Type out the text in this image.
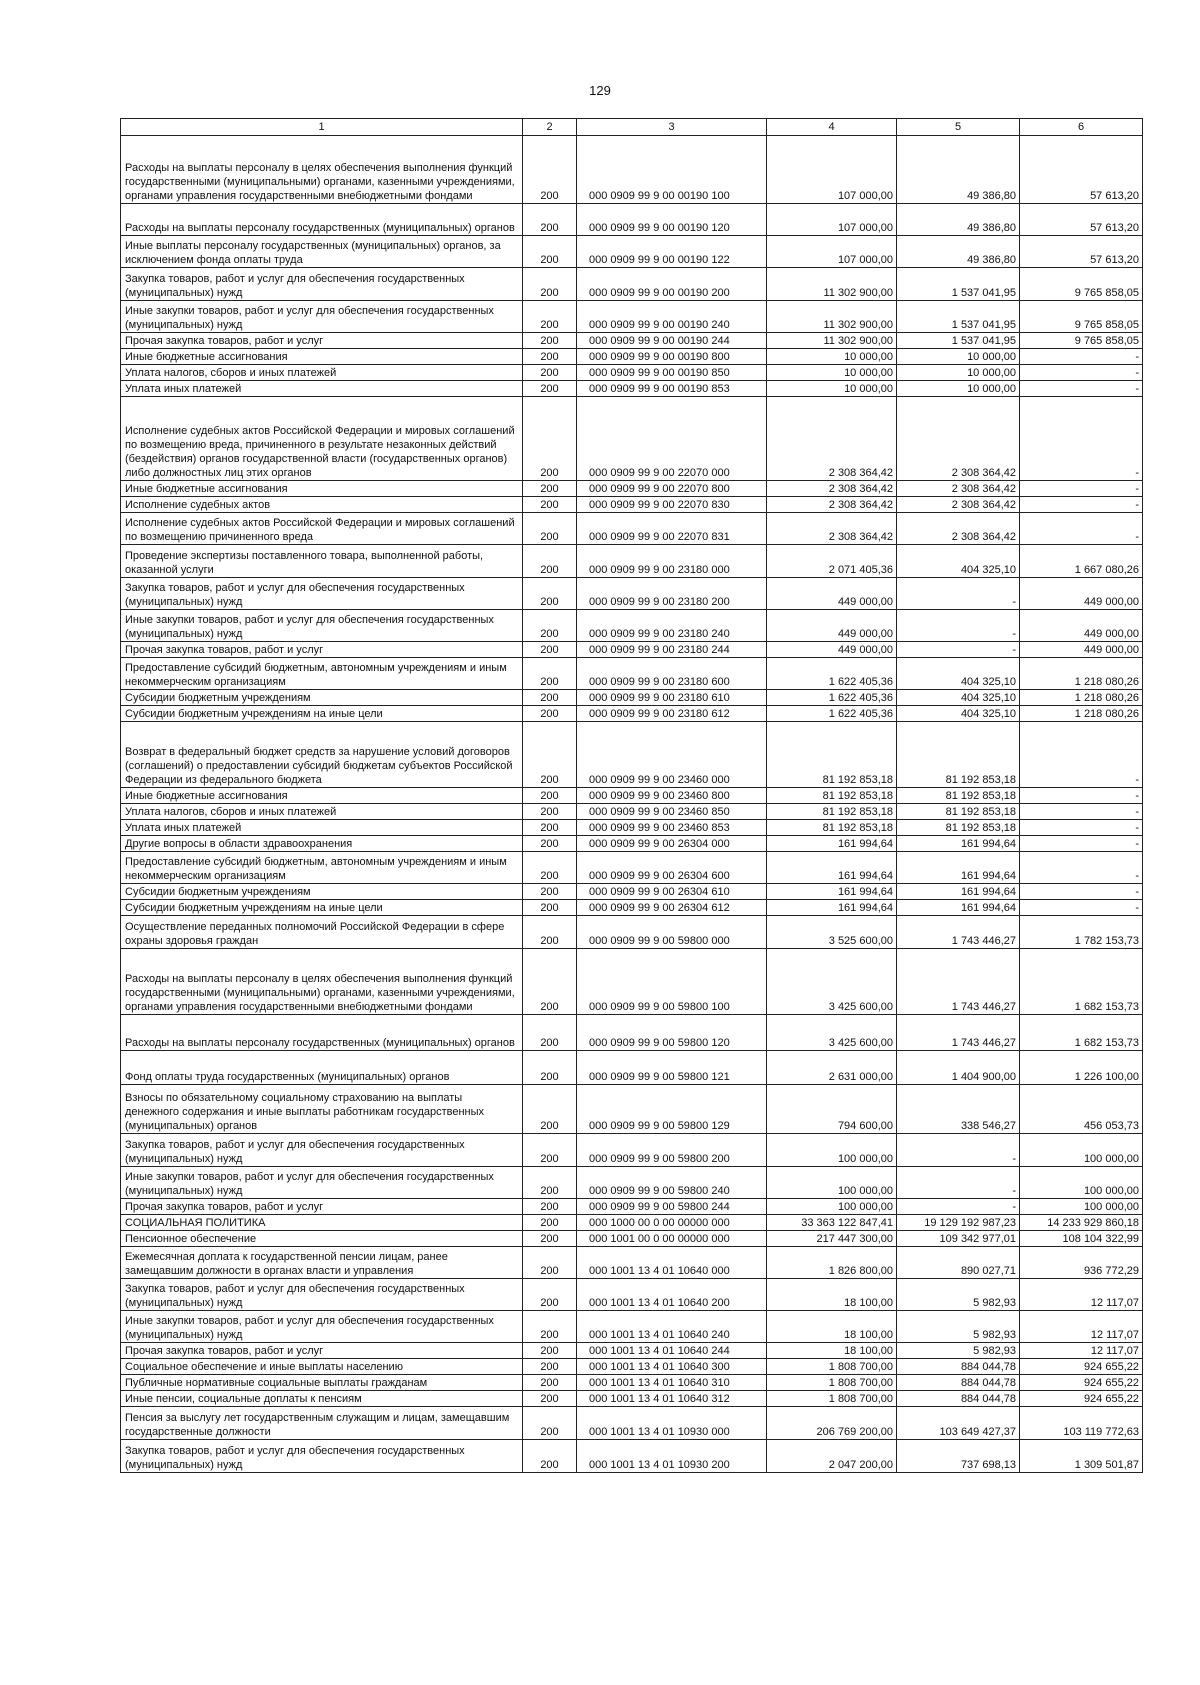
129
1	2	3	4	5	6
Расходы на выплаты персоналу в целях обеспечения выполнения функций государственными (муниципальными) органами, казенными учреждениями, органами управления государственными внебюджетными фондами	200	000 0909 99 9 00 00190 100	107 000,00	49 386,80	57 613,20
Расходы на выплаты персоналу государственных (муниципальных) органов	200	000 0909 99 9 00 00190 120	107 000,00	49 386,80	57 613,20
Иные выплаты персоналу государственных (муниципальных) органов, за исключением фонда оплаты труда	200	000 0909 99 9 00 00190 122	107 000,00	49 386,80	57 613,20
Закупка товаров, работ и услуг для обеспечения государственных (муниципальных) нужд	200	000 0909 99 9 00 00190 200	11 302 900,00	1 537 041,95	9 765 858,05
Иные закупки товаров, работ и услуг для обеспечения государственных (муниципальных) нужд	200	000 0909 99 9 00 00190 240	11 302 900,00	1 537 041,95	9 765 858,05
Прочая закупка товаров, работ и услуг	200	000 0909 99 9 00 00190 244	11 302 900,00	1 537 041,95	9 765 858,05
Иные бюджетные ассигнования	200	000 0909 99 9 00 00190 800	10 000,00	10 000,00	-
Уплата налогов, сборов и иных платежей	200	000 0909 99 9 00 00190 850	10 000,00	10 000,00	-
Уплата иных платежей	200	000 0909 99 9 00 00190 853	10 000,00	10 000,00	-
Исполнение судебных актов Российской Федерации и мировых соглашений по возмещению вреда, причиненного в результате незаконных действий (бездействия) органов государственной власти (государственных органов) либо должностных лиц этих органов	200	000 0909 99 9 00 22070 000	2 308 364,42	2 308 364,42	-
Иные бюджетные ассигнования	200	000 0909 99 9 00 22070 800	2 308 364,42	2 308 364,42	-
Исполнение судебных актов	200	000 0909 99 9 00 22070 830	2 308 364,42	2 308 364,42	-
Исполнение судебных актов Российской Федерации и мировых соглашений по возмещению причиненного вреда	200	000 0909 99 9 00 22070 831	2 308 364,42	2 308 364,42	-
Проведение экспертизы поставленного товара, выполненной работы, оказанной услуги	200	000 0909 99 9 00 23180 000	2 071 405,36	404 325,10	1 667 080,26
Закупка товаров, работ и услуг для обеспечения государственных (муниципальных) нужд	200	000 0909 99 9 00 23180 200	449 000,00	-	449 000,00
Иные закупки товаров, работ и услуг для обеспечения государственных (муниципальных) нужд	200	000 0909 99 9 00 23180 240	449 000,00	-	449 000,00
Прочая закупка товаров, работ и услуг	200	000 0909 99 9 00 23180 244	449 000,00	-	449 000,00
Предоставление субсидий бюджетным, автономным учреждениям и иным некоммерческим организациям	200	000 0909 99 9 00 23180 600	1 622 405,36	404 325,10	1 218 080,26
Субсидии бюджетным учреждениям	200	000 0909 99 9 00 23180 610	1 622 405,36	404 325,10	1 218 080,26
Субсидии бюджетным учреждениям на иные цели	200	000 0909 99 9 00 23180 612	1 622 405,36	404 325,10	1 218 080,26
Возврат в федеральный бюджет средств за нарушение условий договоров (соглашений) о предоставлении субсидий бюджетам субъектов Российской Федерации из федерального бюджета	200	000 0909 99 9 00 23460 000	81 192 853,18	81 192 853,18	-
Иные бюджетные ассигнования	200	000 0909 99 9 00 23460 800	81 192 853,18	81 192 853,18	-
Уплата налогов, сборов и иных платежей	200	000 0909 99 9 00 23460 850	81 192 853,18	81 192 853,18	-
Уплата иных платежей	200	000 0909 99 9 00 23460 853	81 192 853,18	81 192 853,18	-
Другие вопросы в области здравоохранения	200	000 0909 99 9 00 26304 000	161 994,64	161 994,64	-
Предоставление субсидий бюджетным, автономным учреждениям и иным некоммерческим организациям	200	000 0909 99 9 00 26304 600	161 994,64	161 994,64	-
Субсидии бюджетным учреждениям	200	000 0909 99 9 00 26304 610	161 994,64	161 994,64	-
Субсидии бюджетным учреждениям на иные цели	200	000 0909 99 9 00 26304 612	161 994,64	161 994,64	-
Осуществление переданных полномочий Российской Федерации в сфере охраны здоровья граждан	200	000 0909 99 9 00 59800 000	3 525 600,00	1 743 446,27	1 782 153,73
Расходы на выплаты персоналу в целях обеспечения выполнения функций государственными (муниципальными) органами, казенными учреждениями, органами управления государственными внебюджетными фондами	200	000 0909 99 9 00 59800 100	3 425 600,00	1 743 446,27	1 682 153,73
Расходы на выплаты персоналу государственных (муниципальных) органов	200	000 0909 99 9 00 59800 120	3 425 600,00	1 743 446,27	1 682 153,73
Фонд оплаты труда государственных (муниципальных) органов	200	000 0909 99 9 00 59800 121	2 631 000,00	1 404 900,00	1 226 100,00
Взносы по обязательному социальному страхованию на выплаты денежного содержания и иные выплаты работникам государственных (муниципальных) органов	200	000 0909 99 9 00 59800 129	794 600,00	338 546,27	456 053,73
Закупка товаров, работ и услуг для обеспечения государственных (муниципальных) нужд	200	000 0909 99 9 00 59800 200	100 000,00	-	100 000,00
Иные закупки товаров, работ и услуг для обеспечения государственных (муниципальных) нужд	200	000 0909 99 9 00 59800 240	100 000,00	-	100 000,00
Прочая закупка товаров, работ и услуг	200	000 0909 99 9 00 59800 244	100 000,00	-	100 000,00
СОЦИАЛЬНАЯ ПОЛИТИКА	200	000 1000 00 0 00 00000 000	33 363 122 847,41	19 129 192 987,23	14 233 929 860,18
Пенсионное обеспечение	200	000 1001 00 0 00 00000 000	217 447 300,00	109 342 977,01	108 104 322,99
Ежемесячная доплата к государственной пенсии лицам, ранее замещавшим должности в органах власти и управления	200	000 1001 13 4 01 10640 000	1 826 800,00	890 027,71	936 772,29
Закупка товаров, работ и услуг для обеспечения государственных (муниципальных) нужд	200	000 1001 13 4 01 10640 200	18 100,00	5 982,93	12 117,07
Иные закупки товаров, работ и услуг для обеспечения государственных (муниципальных) нужд	200	000 1001 13 4 01 10640 240	18 100,00	5 982,93	12 117,07
Прочая закупка товаров, работ и услуг	200	000 1001 13 4 01 10640 244	18 100,00	5 982,93	12 117,07
Социальное обеспечение и иные выплаты населению	200	000 1001 13 4 01 10640 300	1 808 700,00	884 044,78	924 655,22
Публичные нормативные социальные выплаты гражданам	200	000 1001 13 4 01 10640 310	1 808 700,00	884 044,78	924 655,22
Иные пенсии, социальные доплаты к пенсиям	200	000 1001 13 4 01 10640 312	1 808 700,00	884 044,78	924 655,22
Пенсия за выслугу лет государственным служащим и лицам, замещавшим государственные должности	200	000 1001 13 4 01 10930 000	206 769 200,00	103 649 427,37	103 119 772,63
Закупка товаров, работ и услуг для обеспечения государственных (муниципальных) нужд	200	000 1001 13 4 01 10930 200	2 047 200,00	737 698,13	1 309 501,87
